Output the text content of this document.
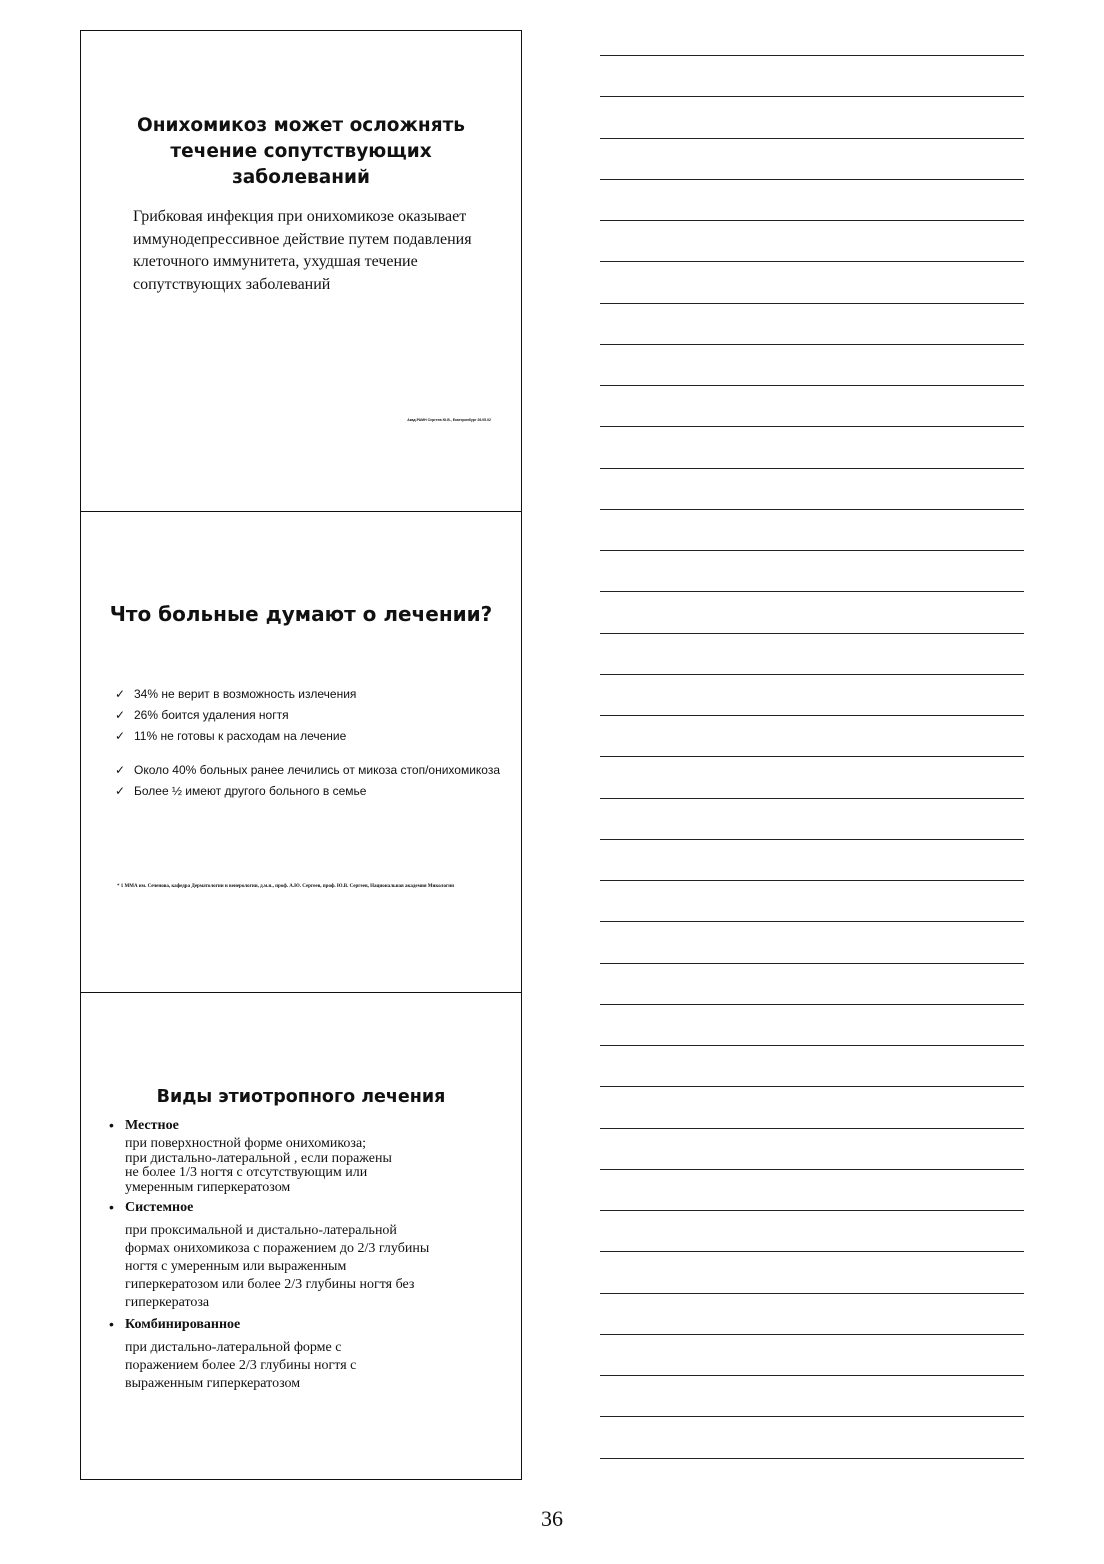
Онихомикоз может осложнять течение сопутствующих заболеваний
Грибковая инфекция при онихомикозе оказывает иммунодепрессивное действие путем подавления клеточного иммунитета, ухудшая течение сопутствующих заболеваний
Акад.РАМН Сергеев Ю.В., Екатеринбург 26.05.02
Что больные думают о лечении?
✓ 34% не верит в возможность излечения
✓ 26% боится удаления ногтя
✓ 11% не готовы к расходам на лечение
✓ Около 40% больных ранее лечились от микоза стоп/онихомикоза
✓ Более ½ имеют другого больного в семье
* 1 ММА им. Сеченова, кафедра Дерматологии и венерологии, д.м.н., проф. А.Ю. Сергеев, проф. Ю.В. Сергеев, Национальная академия Микологии
Виды этиотропного лечения
• Местное
при поверхностной форме онихомикоза;
при дистально-латеральной , если поражены
не более 1/3 ногтя с отсутствующим или
умеренным гиперкератозом
• Системное
при проксимальной и дистально-латеральной
формах онихомикоза с поражением до 2/3 глубины
ногтя с умеренным или выраженным
гиперкератозом или более 2/3 глубины ногтя без
гиперкератоза
• Комбинированное
при дистально-латеральной форме с
поражением более 2/3 глубины ногтя с
выраженным гиперкератозом
36
